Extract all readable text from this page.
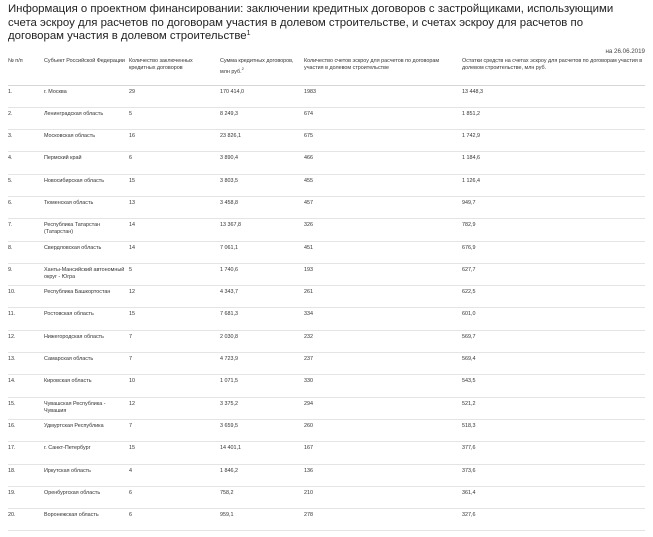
Информация о проектном финансировании: заключении кредитных договоров с застройщиками, использующими счета эскроу для расчетов по договорам участия в долевом строительстве, и счетах эскроу для расчетов по договорам участия в долевом строительстве$^1$

на 26.06.2019
№ п/п	Субъект Российской Федерации	Количество заключенных кредитных договоров	Сумма кредитных договоров, млн руб.$^2$	Количество счетов эскроу для расчетов по договорам участия в долевом строительстве	Остатки средств на счетах эскроу для расчетов по договорам участия в долевом строительстве, млн руб.
1.	г. Москва	29	170 414,0	1983	13 448,3
2.	Ленинградская область	5	8 249,3	674	1 851,2
3.	Московская область	16	23 826,1	675	1 742,9
4.	Пермский край	6	3 890,4	466	1 184,6
5.	Новосибирская область	15	3 803,5	455	1 126,4
6.	Тюменская область	13	3 458,8	457	949,7
7.	Республика Татарстан (Татарстан)	14	13 367,8	326	782,9
8.	Свердловская область	14	7 061,1	451	676,9
9.	Ханты-Мансийский автономный округ - Югра	5	1 740,6	193	627,7
10.	Республика Башкортостан	12	4 343,7	261	622,5
11.	Ростовская область	15	7 681,3	334	601,0
12.	Нижегородская область	7	2 030,8	232	569,7
13.	Самарская область	7	4 723,9	237	569,4
14.	Кировская область	10	1 071,5	330	543,5
15.	Чувашская Республика - Чувашия	12	3 375,2	294	521,2
16.	Удмуртская Республика	7	3 659,5	260	518,3
17.	г. Санкт-Петербург	15	14 401,1	167	377,6
18.	Иркутская область	4	1 846,2	136	373,6
19.	Оренбургская область	6	758,2	210	361,4
20.	Воронежская область	6	959,1	278	327,6
